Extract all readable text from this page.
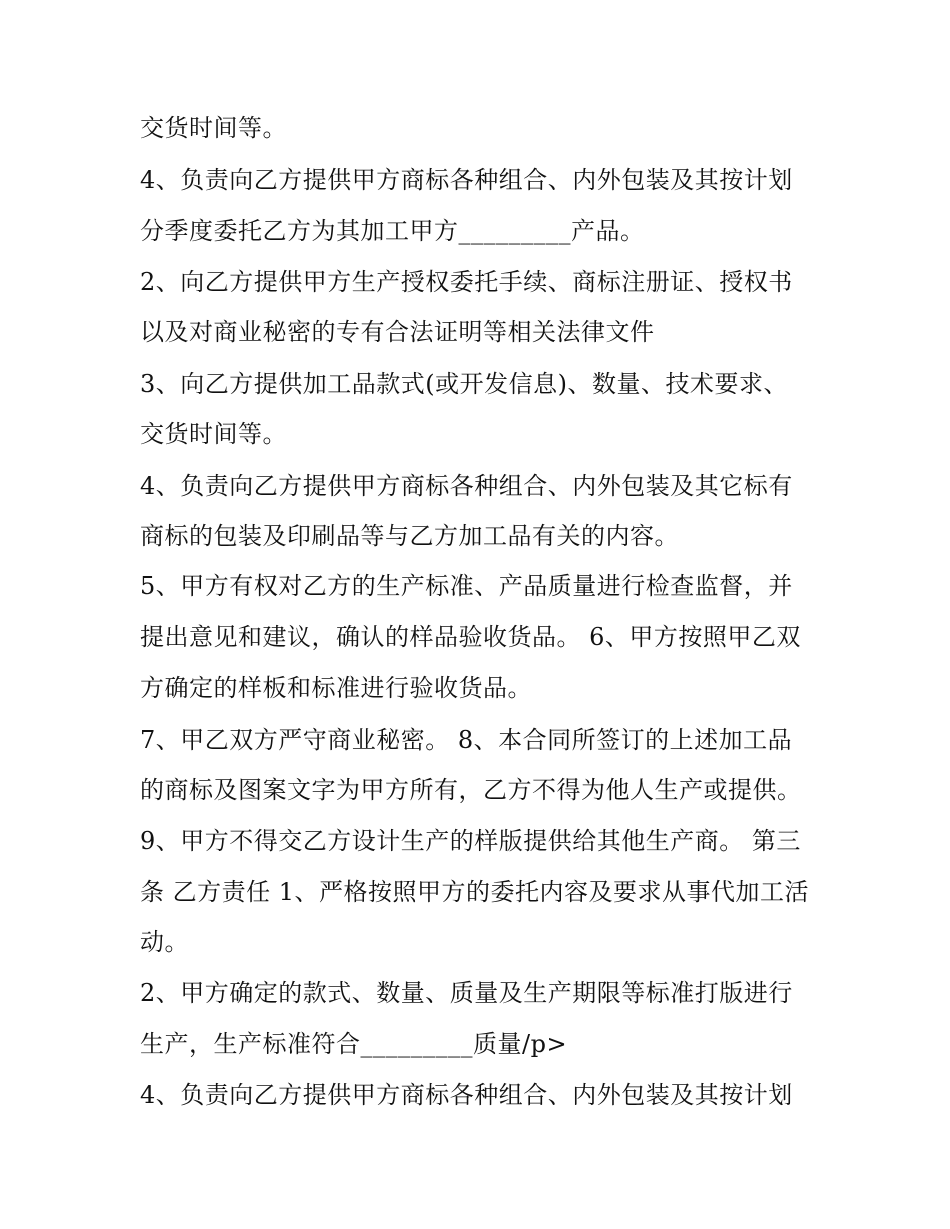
交货时间等。
4、负责向乙方提供甲方商标各种组合、内外包装及其按计划
分季度委托乙方为其加工甲方_________产品。
2、向乙方提供甲方生产授权委托手续、商标注册证、授权书
以及对商业秘密的专有合法证明等相关法律文件
3、向乙方提供加工品款式(或开发信息)、数量、技术要求、
交货时间等。
4、负责向乙方提供甲方商标各种组合、内外包装及其它标有
商标的包装及印刷品等与乙方加工品有关的内容。
5、甲方有权对乙方的生产标准、产品质量进行检查监督，并
提出意见和建议，确认的样品验收货品。 6、甲方按照甲乙双
方确定的样板和标准进行验收货品。
7、甲乙双方严守商业秘密。 8、本合同所签订的上述加工品
的商标及图案文字为甲方所有，乙方不得为他人生产或提供。
9、甲方不得交乙方设计生产的样版提供给其他生产商。 第三
条 乙方责任 1、严格按照甲方的委托内容及要求从事代加工活
动。
2、甲方确定的款式、数量、质量及生产期限等标准打版进行
生产，生产标准符合_________质量/p>
4、负责向乙方提供甲方商标各种组合、内外包装及其按计划
